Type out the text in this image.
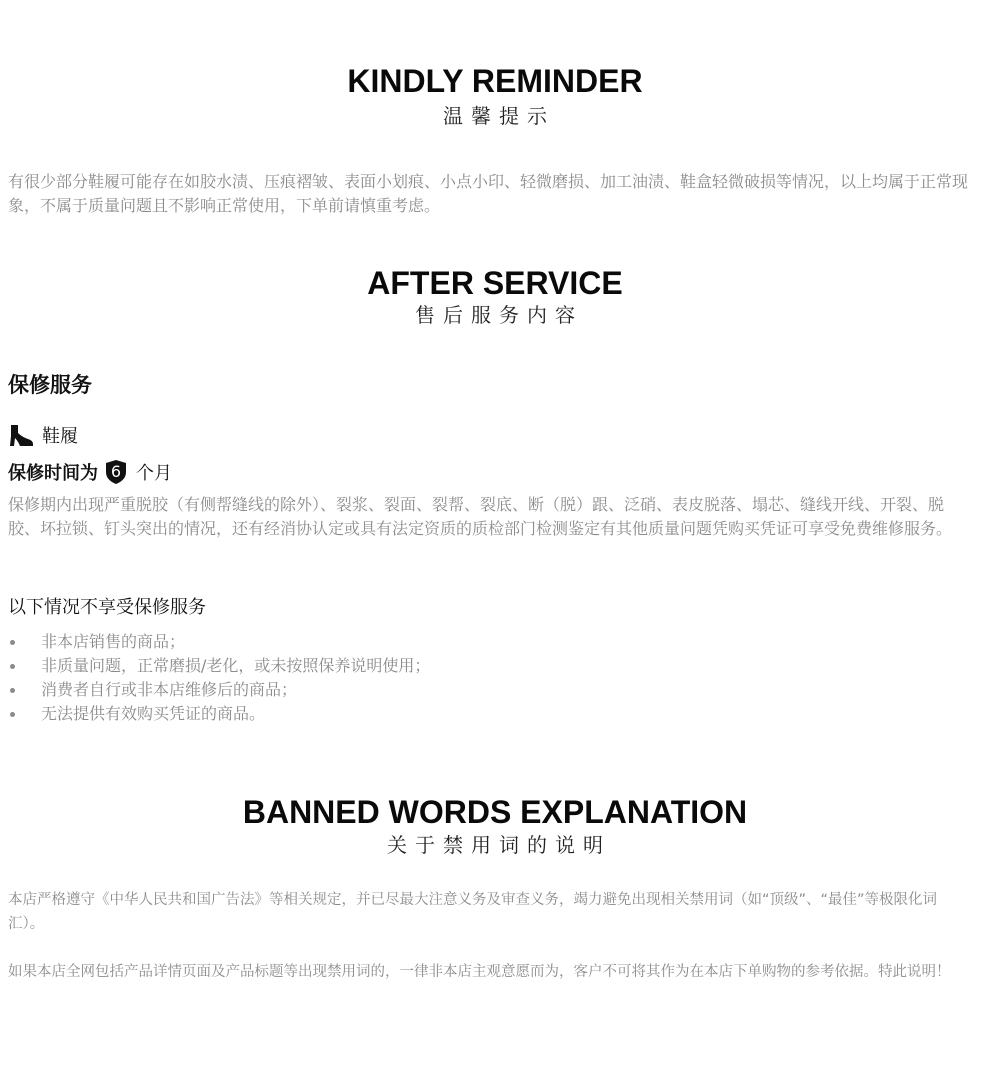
KINDLY REMINDER
温馨提示
有很少部分鞋履可能存在如胶水渍、压痕褶皱、表面小划痕、小点小印、轻微磨损、加工油渍、鞋盒轻微破损等情况，以上均属于正常现象，不属于质量问题且不影响正常使用，下单前请慎重考虑。
AFTER SERVICE
售后服务内容
保修服务
鞋履
保修时间为 6 个月
保修期内出现严重脱胶（有侧帮缝线的除外）、裂浆、裂面、裂帮、裂底、断（脱）跟、泛硝、表皮脱落、塌芯、缝线开线、开裂、脱胶、坏拉锁、钉头突出的情况，还有经消协认定或具有法定资质的质检部门检测鉴定有其他质量问题凭购买凭证可享受免费维修服务。
以下情况不享受保修服务
非本店销售的商品；
非质量问题，正常磨损/老化，或未按照保养说明使用；
消费者自行或非本店维修后的商品；
无法提供有效购买凭证的商品。
BANNED WORDS EXPLANATION
关于禁用词的说明
本店严格遵守《中华人民共和国广告法》等相关规定，并已尽最大注意义务及审查义务，竭力避免出现相关禁用词（如“顶级”、“最佳”等极限化词汇）。
如果本店全网包括产品详情页面及产品标题等出现禁用词的，一律非本店主观意愿而为，客户不可将其作为在本店下单购物的参考依据。特此说明！
